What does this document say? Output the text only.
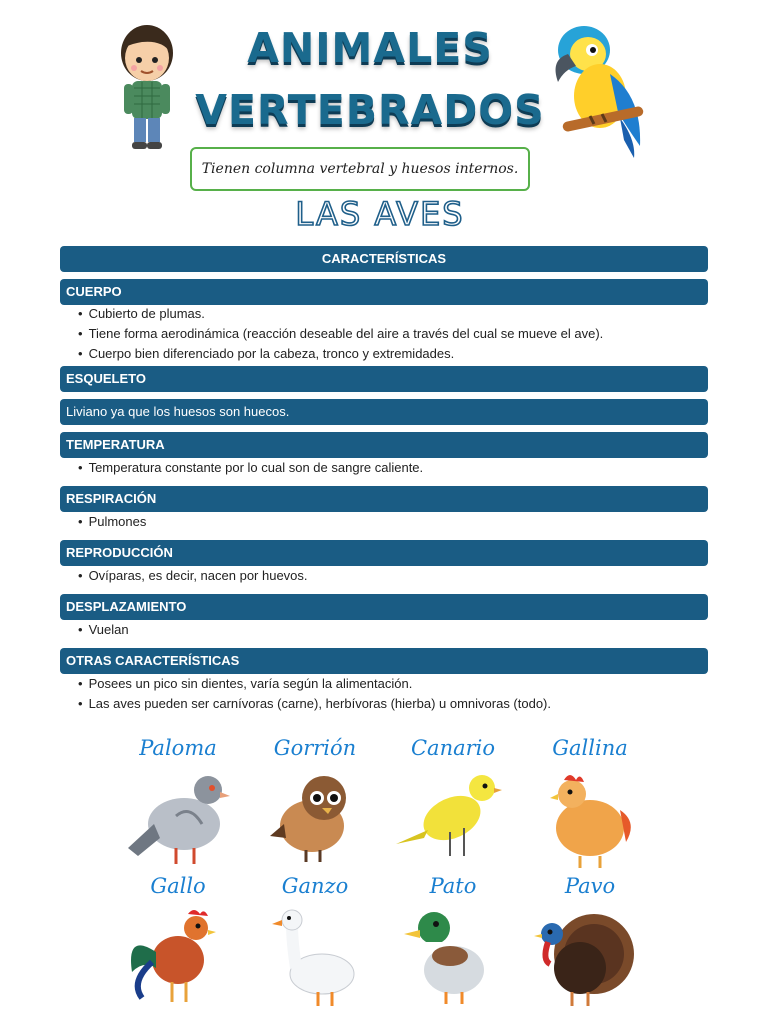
ANIMALES
VERTEBRADOS
Tienen columna vertebral y huesos internos.
LAS AVES
CARACTERÍSTICAS
CUERPO
• Cubierto de plumas.
• Tiene forma aerodinámica (reacción deseable del aire a través del cual se mueve el ave).
• Cuerpo bien diferenciado por la cabeza, tronco y extremidades.
ESQUELETO
Liviano ya que los huesos son huecos.
TEMPERATURA
• Temperatura constante por lo cual son de sangre caliente.
RESPIRACIÓN
• Pulmones
REPRODUCCIÓN
• Ovíparas, es decir, nacen por huevos.
DESPLAZAMIENTO
• Vuelan
OTRAS CARACTERÍSTICAS
• Posees un pico sin dientes, varía según la alimentación.
• Las aves pueden ser carnívoras (carne), herbívoras (hierba) u omnivoras (todo).
Paloma	Gorrión	Canario	Gallina
Gallo	Ganzo	Pato	Pavo
